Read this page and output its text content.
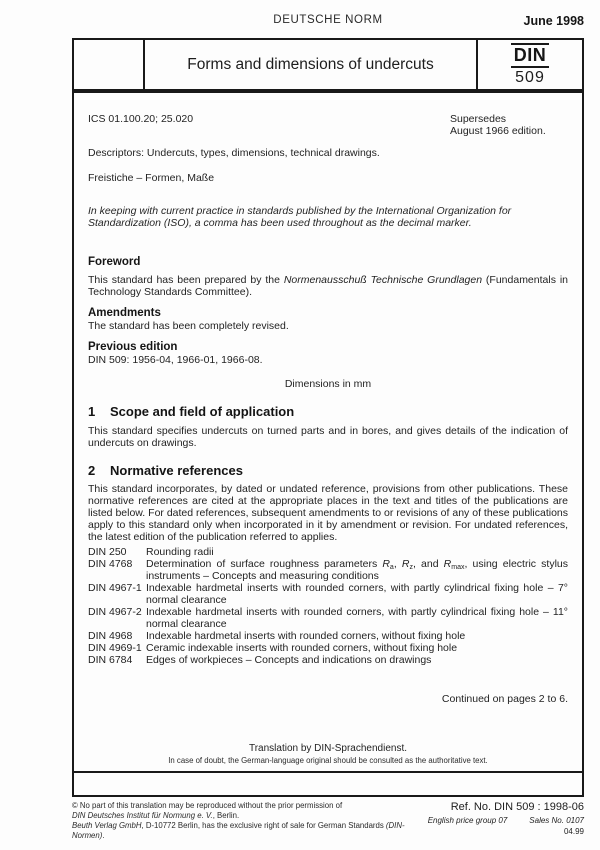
DEUTSCHE NORM	June 1998
Forms and dimensions of undercuts	DIN
509
ICS 01.100.20; 25.020	Supersedes
August 1966 edition.
Descriptors: Undercuts, types, dimensions, technical drawings.
Freistiche – Formen, Maße
In keeping with current practice in standards published by the International Organization for Standardization (ISO), a comma has been used throughout as the decimal marker.
Foreword
This standard has been prepared by the Normenausschuß Technische Grundlagen (Fundamentals in Technology Standards Committee).
Amendments
The standard has been completely revised.
Previous edition
DIN 509: 1956-04, 1966-01, 1966-08.
Dimensions in mm
1 Scope and field of application
This standard specifies undercuts on turned parts and in bores, and gives details of the indication of undercuts on drawings.
2 Normative references
This standard incorporates, by dated or undated reference, provisions from other publications. These normative references are cited at the appropriate places in the text and titles of the publications are listed below. For dated references, subsequent amendments to or revisions of any of these publications apply to this standard only when incorporated in it by amendment or revision. For undated references, the latest edition of the publication referred to applies.
DIN 250	Rounding radii
DIN 4768	Determination of surface roughness parameters $R_a$, $R_z$, and $R_{max}$, using electric stylus instruments – Concepts and measuring conditions
DIN 4967-1 Indexable hardmetal inserts with rounded corners, with partly cylindrical fixing hole – 7° normal clearance
DIN 4967-2 Indexable hardmetal inserts with rounded corners, with partly cylindrical fixing hole – 11° normal clearance
DIN 4968	Indexable hardmetal inserts with rounded corners, without fixing hole
DIN 4969-1 Ceramic indexable inserts with rounded corners, without fixing hole
DIN 6784	Edges of workpieces – Concepts and indications on drawings
Continued on pages 2 to 6.
Translation by DIN-Sprachendienst.
In case of doubt, the German-language original should be consulted as the authoritative text.
© No part of this translation may be reproduced without the prior permission of
DIN Deutsches Institut für Normung e. V., Berlin.
Beuth Verlag GmbH, D-10772 Berlin, has the exclusive right of sale for German Standards (DIN-Normen).
Ref. No. DIN 509 : 1998-06
English price group 07	Sales No. 0107
04.99
